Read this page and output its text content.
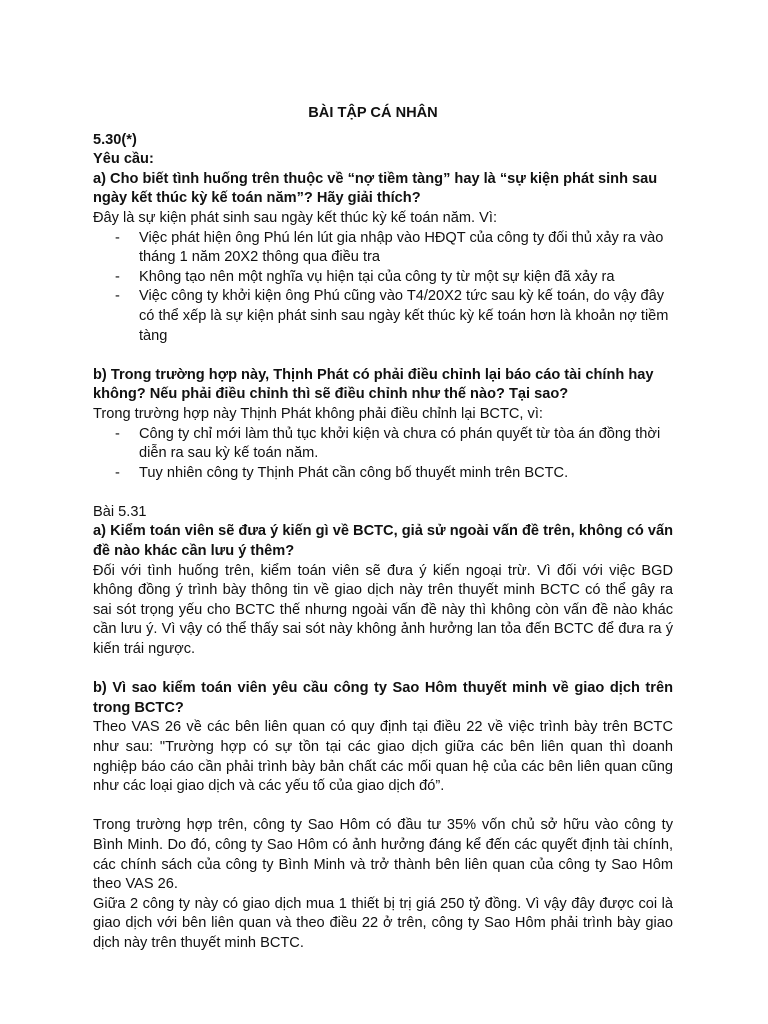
BÀI TẬP CÁ NHÂN

5.30(*)

Yêu cầu:

a) Cho biết tình huống trên thuộc về “nợ tiềm tàng” hay là “sự kiện phát sinh sau ngày kết thúc kỳ kế toán năm”? Hãy giải thích?

Đây là sự kiện phát sinh sau ngày kết thúc kỳ kế toán năm. Vì:

- Việc phát hiện ông Phú lén lút gia nhập vào HĐQT của công ty đối thủ xảy ra vào tháng 1 năm 20X2 thông qua điều tra
- Không tạo nên một nghĩa vụ hiện tại của công ty từ một sự kiện đã xảy ra
- Việc công ty khởi kiện ông Phú cũng vào T4/20X2 tức sau kỳ kế toán, do vậy đây có thể xếp là sự kiện phát sinh sau ngày kết thúc kỳ kế toán hơn là khoản nợ tiềm tàng

b) Trong trường hợp này, Thịnh Phát có phải điều chỉnh lại báo cáo tài chính hay không? Nếu phải điều chỉnh thì sẽ điều chỉnh như thế nào? Tại sao?

Trong trường hợp này Thịnh Phát không phải điều chỉnh lại BCTC, vì:

- Công ty chỉ mới làm thủ tục khởi kiện và chưa có phán quyết từ tòa án đồng thời diễn ra sau kỳ kế toán năm.
- Tuy nhiên công ty Thịnh Phát cần công bố thuyết minh trên BCTC.

Bài 5.31

a) Kiểm toán viên sẽ đưa ý kiến gì về BCTC, giả sử ngoài vấn đề trên, không có vấn đề nào khác cần lưu ý thêm?

Đối với tình huống trên, kiểm toán viên sẽ đưa ý kiến ngoại trừ. Vì đối với việc BGD không đồng ý trình bày thông tin về giao dịch này trên thuyết minh BCTC có thể gây ra sai sót trọng yếu cho BCTC thế nhưng ngoài vấn đề này thì không còn vấn đề nào khác cần lưu ý. Vì vậy có thể thấy sai sót này không ảnh hưởng lan tỏa đến BCTC để đưa ra ý kiến trái ngược.

b) Vì sao kiểm toán viên yêu cầu công ty Sao Hôm thuyết minh về giao dịch trên trong BCTC?

Theo VAS 26 về các bên liên quan có quy định tại điều 22 về việc trình bày trên BCTC như sau: "Trường hợp có sự tồn tại các giao dịch giữa các bên liên quan thì doanh nghiệp báo cáo cần phải trình bày bản chất các mối quan hệ của các bên liên quan cũng như các loại giao dịch và các yếu tố của giao dịch đó”.

Trong trường hợp trên, công ty Sao Hôm có đầu tư 35% vốn chủ sở hữu vào công ty Bình Minh. Do đó, công ty Sao Hôm có ảnh hưởng đáng kể đến các quyết định tài chính, các chính sách của công ty Bình Minh và trở thành bên liên quan của công ty Sao Hôm theo VAS 26.

Giữa 2 công ty này có giao dịch mua 1 thiết bị trị giá 250 tỷ đồng. Vì vậy đây được coi là giao dịch với bên liên quan và theo điều 22 ở trên, công ty Sao Hôm phải trình bày giao dịch này trên thuyết minh BCTC.
